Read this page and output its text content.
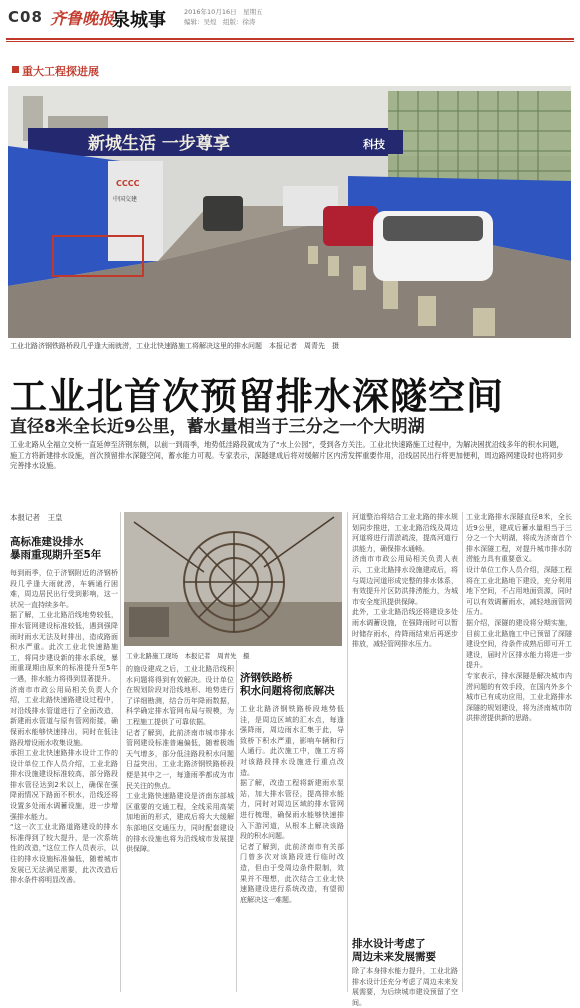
C08 齐鲁晚报
泉城事	2016年10月16日　星期五
编辑：吴煌　组版：徐涛
重大工程探进展
新城生活 一步尊享	科技
CCCC
中国交建
工业北路济钢铁路桥段几乎逢大雨就涝，工业北快速路施工将解决这里的排水问题　本报记者　周青先　摄
工业北首次预留排水深隧空间
直径8米全长近9公里，蓄水量相当于三分之一个大明湖
工业北路从全福立交桥一直延伸至济钢东侧，以前一到雨季，地势低洼路段就成为了“水上公园”，受到各方关注。工业北快速路施工过程中，为解决困扰沿线多年的积水问题，施工方将新建排水设施，首次预留排水深隧空间，蓄水能力可观。专家表示，深隧建成后将对缓解片区内涝发挥重要作用，沿线居民出行将更加便利，周边路网建设时也将同步完善排水设施。
本报记者　王皇
高标准建设排水
暴雨重现期升至5年
每到雨季，位于济钢附近的济钢桥段几乎逢大雨就涝，车辆通行困难，周边居民出行受到影响，这一状况一直持续多年。
据了解，工业北路沿线地势较低，排水管网建设标准较低，遇到强降雨时雨水无法及时排出，造成路面积水严重。此次工业北快速路施工，将同步建设新的排水系统，暴雨重现期由原来的标准提升至5年一遇，排水能力将得到显著提升。
济南市市政公用局相关负责人介绍，工业北路快速路建设过程中，对沿线排水管道进行了全面改造，新建雨水管道与原有管网衔接，确保雨水能够快速排出，同时在低洼路段增设雨水收集设施。
承担工业北快速路排水设计工作的设计单位工作人员介绍，工业北路排水设施建设标准较高，部分路段排水管径达到2米以上，确保在强降雨情况下路面不积水，沿线还将设置多处雨水调蓄设施，进一步增强排水能力。
“这一次工业北路道路建设的排水标准得到了较大提升，是一次系统性的改造，”这位工作人员表示，以往的排水设施标准偏低，随着城市发展已无法满足需要，此次改造后排水条件将明显改善。
工业北路施工现场　本报记者　周青先　摄
的施设建成之后，工业北路沿线积水问题将得到有效解决。设计单位在规划阶段对沿线地形、地势进行了详细勘测，结合历年降雨数据，科学确定排水管网布局与规模，为工程施工提供了可靠依据。
记者了解到，此前济南市城市排水管网建设标准普遍偏低，随着极端天气增多，部分低洼路段积水问题日益突出，工业北路济钢铁路桥段便是其中之一，每逢雨季都成为市民关注的焦点。
工业北路快速路建设是济南东部城区重要的交通工程，全线采用高架加地面的形式，建成后将大大缓解东部地区交通压力，同时配套建设的排水设施也将为沿线城市发展提供保障。
济钢铁路桥
积水问题将彻底解决
工业北路济钢铁路桥段地势低洼，是周边区域的汇水点，每逢强降雨，周边雨水汇集于此，导致桥下积水严重，影响车辆和行人通行。此次施工中，施工方将对该路段排水设施进行重点改造。
据了解，改造工程将新建雨水泵站，加大排水管径，提高排水能力，同时对周边区域的排水管网进行梳理，确保雨水能够快速排入下游河道，从根本上解决该路段的积水问题。
记者了解到，此前济南市有关部门曾多次对该路段进行临时改造，但由于受周边条件限制，效果并不理想，此次结合工业北快速路建设进行系统改造，有望彻底解决这一难题。
河道整治将结合工业北路的排水规划同步推进，工业北路沿线及周边河道将进行清淤疏浚，提高河道行洪能力，确保排水通畅。
济南市市政公用局相关负责人表示，工业北路排水设施建成后，将与周边河道形成完整的排水体系，有效提升片区防洪排涝能力，为城市安全度汛提供保障。
此外，工业北路沿线还将建设多处雨水调蓄设施，在强降雨时可以暂时储存雨水，待降雨结束后再逐步排放，减轻管网排水压力。
排水设计考虑了
周边未来发展需要
除了本身排水能力提升，工业北路排水设计还充分考虑了周边未来发展需要，为后续城市建设预留了空间。
工业北路排水深隧直径8米，全长近9公里，建成后蓄水量相当于三分之一个大明湖，将成为济南首个排水深隧工程，对提升城市排水防涝能力具有重要意义。
设计单位工作人员介绍，深隧工程将在工业北路地下建设，充分利用地下空间，不占用地面资源，同时可以有效调蓄雨水，减轻地面管网压力。
据介绍，深隧的建设将分期实施，目前工业北路施工中已预留了深隧建设空间，待条件成熟后即可开工建设，届时片区排水能力将进一步提升。
专家表示，排水深隧是解决城市内涝问题的有效手段，在国内外多个城市已有成功应用，工业北路排水深隧的规划建设，将为济南城市防洪排涝提供新的思路。
